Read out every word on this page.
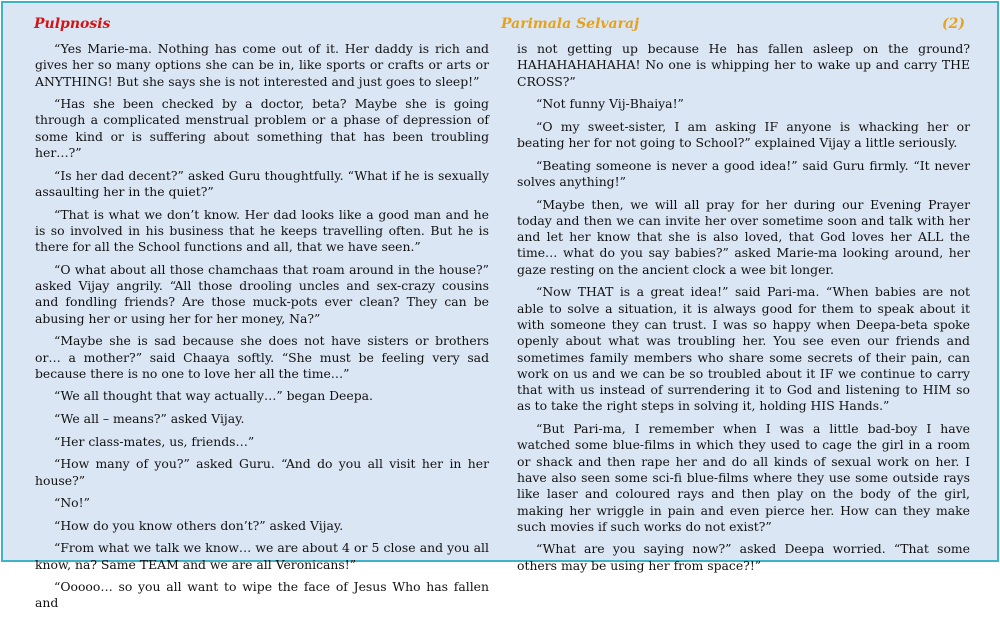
Pulpnosis	Parimala Selvaraj	(2)

“Yes Marie-ma. Nothing has come out of it. Her daddy is rich and gives her so many options she can be in, like sports or crafts or arts or ANYTHING! But she says she is not interested and just goes to sleep!”

“Has she been checked by a doctor, beta? Maybe she is going through a complicated menstrual problem or a phase of depression of some kind or is suffering about something that has been troubling her…?”

“Is her dad decent?” asked Guru thoughtfully. “What if he is sexually assaulting her in the quiet?”

“That is what we don’t know. Her dad looks like a good man and he is so involved in his business that he keeps travelling often. But he is there for all the School functions and all, that we have seen.”

“O what about all those chamchaas that roam around in the house?” asked Vijay angrily. “All those drooling uncles and sex-crazy cousins and fondling friends? Are those muck-pots ever clean? They can be abusing her or using her for her money, Na?”

“Maybe she is sad because she does not have sisters or brothers or… a mother?” said Chaaya softly. “She must be feeling very sad because there is no one to love her all the time…”

“We all thought that way actually…” began Deepa.

“We all – means?” asked Vijay.

“Her class-mates, us, friends…”

“How many of you?” asked Guru. “And do you all visit her in her house?”

“No!”

“How do you know others don’t?” asked Vijay.

“From what we talk we know… we are about 4 or 5 close and you all know, na? Same TEAM and we are all Veronicans!”

“Ooooo… so you all want to wipe the face of Jesus Who has fallen and

is not getting up because He has fallen asleep on the ground? HAHAHAHAHAHA! No one is whipping her to wake up and carry THE CROSS?”

“Not funny Vij-Bhaiya!”

“O my sweet-sister, I am asking IF anyone is whacking her or beating her for not going to School?” explained Vijay a little seriously.

“Beating someone is never a good idea!” said Guru firmly. “It never solves anything!”

“Maybe then, we will all pray for her during our Evening Prayer today and then we can invite her over sometime soon and talk with her and let her know that she is also loved, that God loves her ALL the time… what do you say babies?” asked Marie-ma looking around, her gaze resting on the ancient clock a wee bit longer.

“Now THAT is a great idea!” said Pari-ma. “When babies are not able to solve a situation, it is always good for them to speak about it with someone they can trust. I was so happy when Deepa-beta spoke openly about what was troubling her. You see even our friends and sometimes family members who share some secrets of their pain, can work on us and we can be so troubled about it IF we continue to carry that with us instead of surrendering it to God and listening to HIM so as to take the right steps in solving it, holding HIS Hands.”

“But Pari-ma, I remember when I was a little bad-boy I have watched some blue-films in which they used to cage the girl in a room or shack and then rape her and do all kinds of sexual work on her. I have also seen some sci-fi blue-films where they use some outside rays like laser and coloured rays and then play on the body of the girl, making her wriggle in pain and even pierce her. How can they make such movies if such works do not exist?”

“What are you saying now?” asked Deepa worried. “That some others may be using her from space?!”
